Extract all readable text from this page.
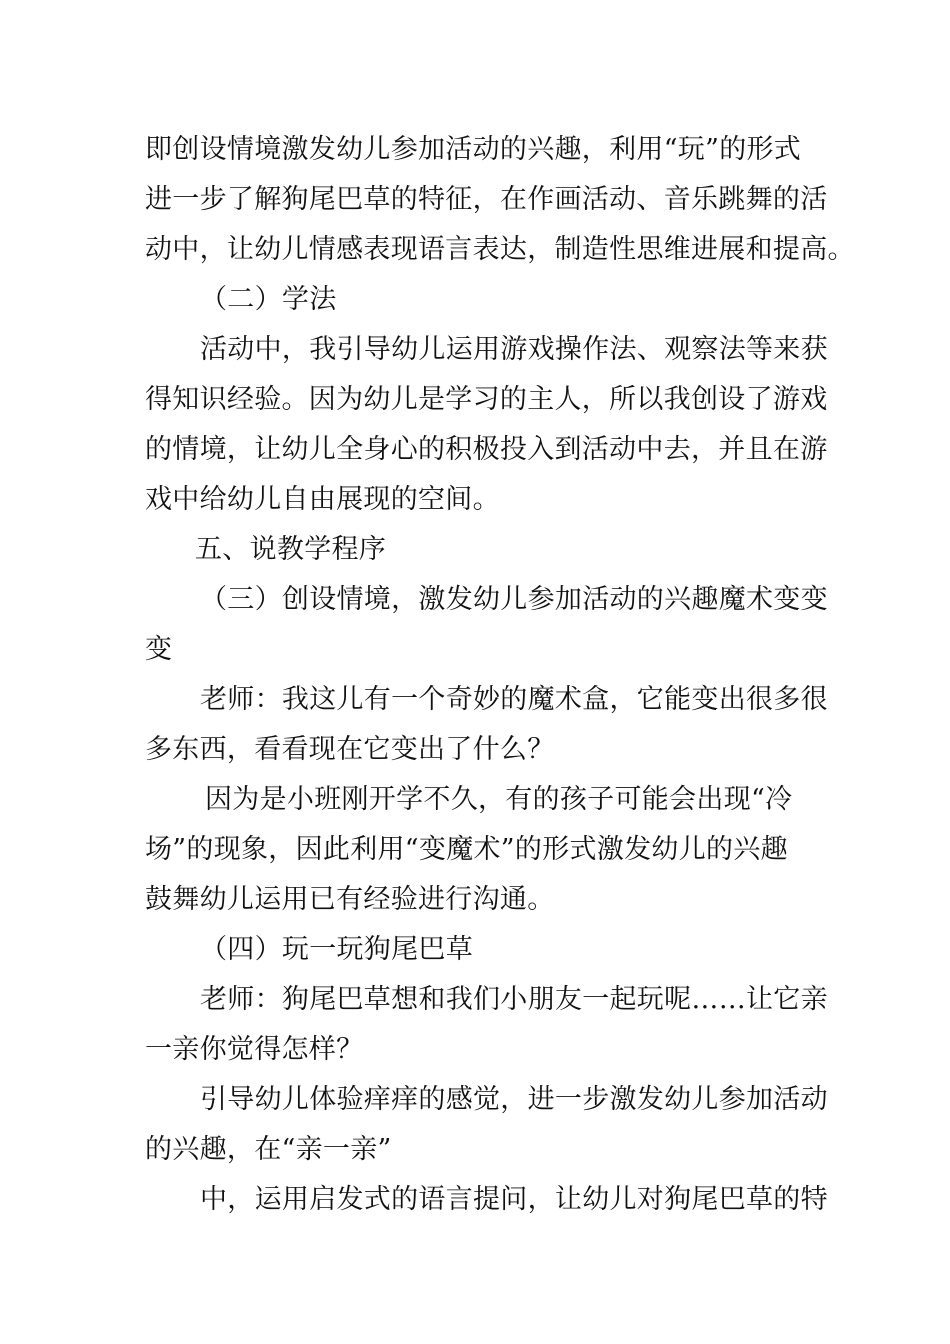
即创设情境激发幼儿参加活动的兴趣，利用“玩”的形式
进一步了解狗尾巴草的特征，在作画活动、音乐跳舞的活
动中，让幼儿情感表现语言表达，制造性思维进展和提高。
（二）学法
活动中，我引导幼儿运用游戏操作法、观察法等来获
得知识经验。因为幼儿是学习的主人，所以我创设了游戏
的情境，让幼儿全身心的积极投入到活动中去，并且在游
戏中给幼儿自由展现的空间。
五、说教学程序
（三）创设情境，激发幼儿参加活动的兴趣魔术变变
变
老师：我这儿有一个奇妙的魔术盒，它能变出很多很
多东西，看看现在它变出了什么？
因为是小班刚开学不久，有的孩子可能会出现“冷
场”的现象，因此利用“变魔术”的形式激发幼儿的兴趣
鼓舞幼儿运用已有经验进行沟通。
（四）玩一玩狗尾巴草
老师：狗尾巴草想和我们小朋友一起玩呢……让它亲
一亲你觉得怎样？
引导幼儿体验痒痒的感觉，进一步激发幼儿参加活动
的兴趣，在“亲一亲”
中，运用启发式的语言提问，让幼儿对狗尾巴草的特
